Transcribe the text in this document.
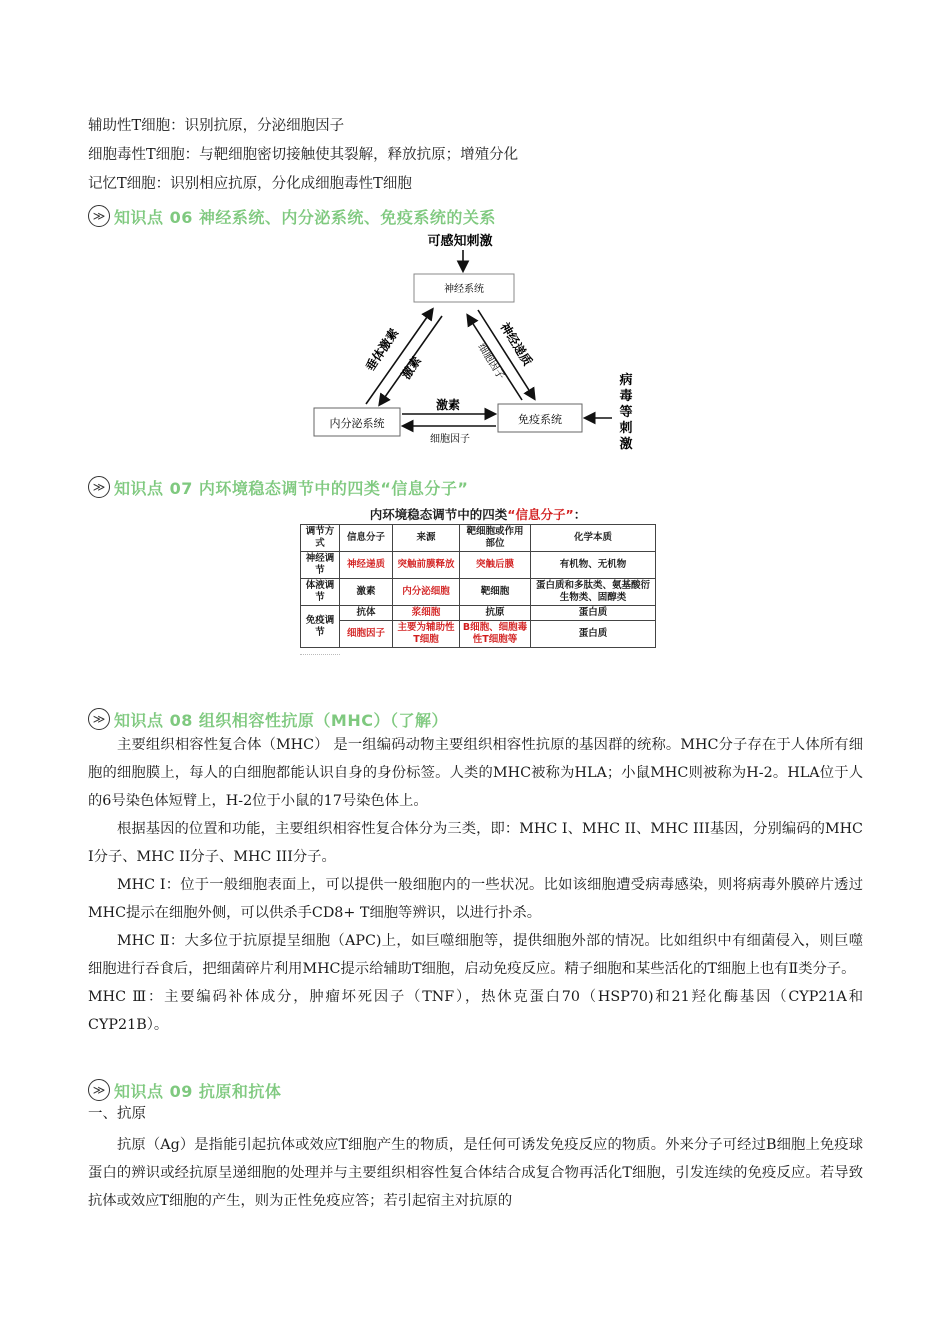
辅助性T细胞：识别抗原，分泌细胞因子
细胞毒性T细胞：与靶细胞密切接触使其裂解，释放抗原；增殖分化
记忆T细胞：识别相应抗原，分化成细胞毒性T细胞
≫ 知识点 06 神经系统、内分泌系统、免疫系统的关系
可感知刺激
神经系统
内分泌系统	免疫系统
垂体激素
激素	神经递质
细胞因子
激素
细胞因子
病毒等刺激
≫ 知识点 07 内环境稳态调节中的四类“信息分子”
内环境稳态调节中的四类“信息分子”：
调节方式	信息分子	来源	靶细胞或作用部位	化学本质
神经调节	神经递质	突触前膜释放	突触后膜	有机物、无机物
体液调节	激素	内分泌细胞	靶细胞	蛋白质和多肽类、氨基酸衍生物类、固醇类
免疫调节	抗体	浆细胞	抗原	蛋白质
	细胞因子	主要为辅助性T细胞	B细胞、细胞毒性T细胞等	蛋白质
≫ 知识点 08 组织相容性抗原（MHC）（了解）

主要组织相容性复合体（MHC） 是一组编码动物主要组织相容性抗原的基因群的统称。MHC分子存在于人体所有细胞的细胞膜上，每人的白细胞都能认识自身的身份标签。人类的MHC被称为HLA；小鼠MHC则被称为H-2。HLA位于人的6号染色体短臂上，H-2位于小鼠的17号染色体上。

根据基因的位置和功能，主要组织相容性复合体分为三类，即：MHC I、MHC II、MHC III基因，分别编码的MHC I分子、MHC II分子、MHC III分子。

MHC I：位于一般细胞表面上，可以提供一般细胞内的一些状况。比如该细胞遭受病毒感染，则将病毒外膜碎片透过MHC提示在细胞外侧，可以供杀手CD8+ T细胞等辨识，以进行扑杀。

MHC Ⅱ：大多位于抗原提呈细胞（APC)上，如巨噬细胞等，提供细胞外部的情况。比如组织中有细菌侵入，则巨噬细胞进行吞食后，把细菌碎片利用MHC提示给辅助T细胞，启动免疫反应。精子细胞和某些活化的T细胞上也有Ⅱ类分子。

MHC Ⅲ：主要编码补体成分，肿瘤坏死因子（TNF），热休克蛋白70（HSP70)和21羟化酶基因（CYP21A和CYP21B）。

≫ 知识点 09 抗原和抗体
一、抗原

抗原（Ag）是指能引起抗体或效应T细胞产生的物质，是任何可诱发免疫反应的物质。外来分子可经过B细胞上免疫球蛋白的辨识或经抗原呈递细胞的处理并与主要组织相容性复合体结合成复合物再活化T细胞，引发连续的免疫反应。若导致抗体或效应T细胞的产生，则为正性免疫应答；若引起宿主对抗原的
